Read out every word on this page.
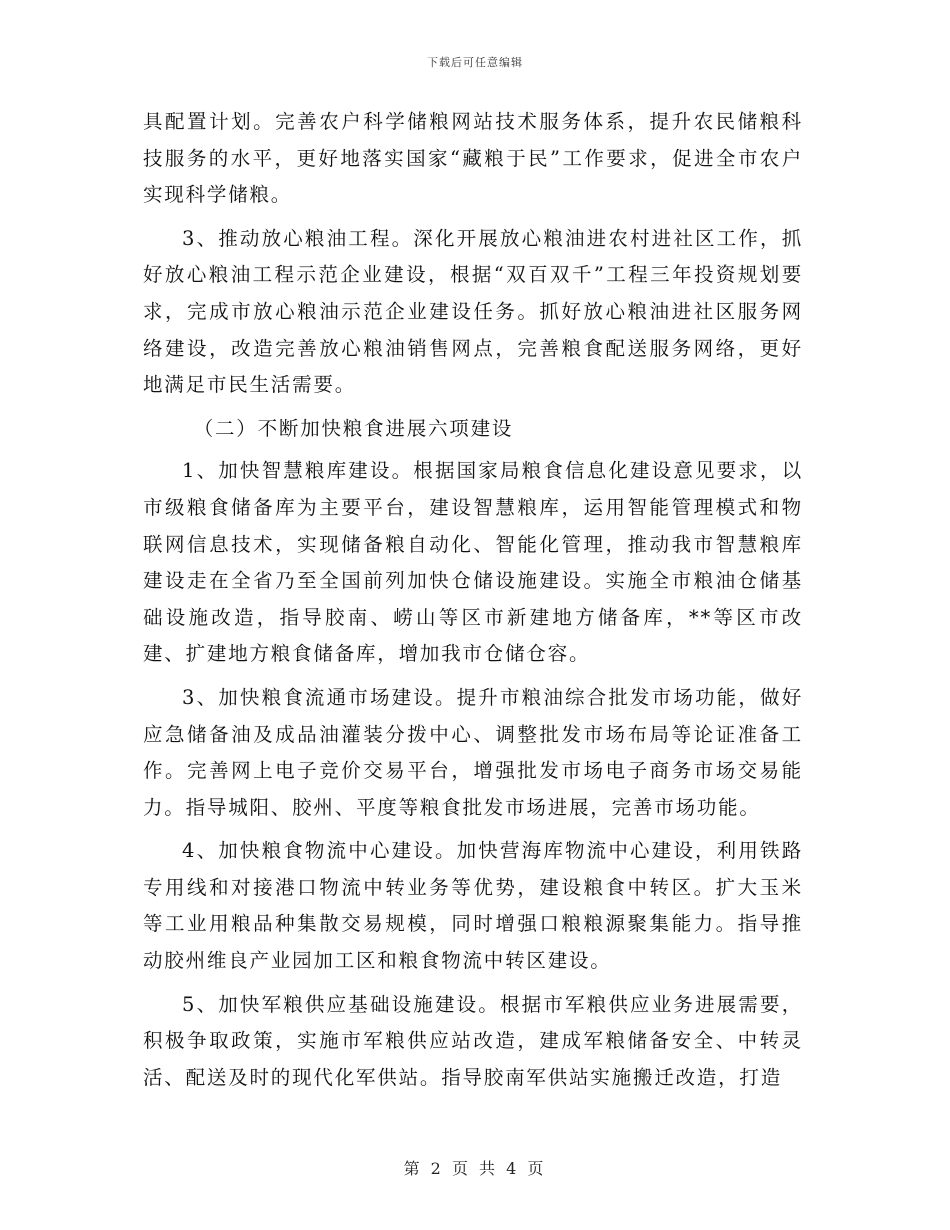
下载后可任意编辑

具配置计划。完善农户科学储粮网站技术服务体系，提升农民储粮科技服务的水平，更好地落实国家“藏粮于民”工作要求，促进全市农户实现科学储粮。

3、推动放心粮油工程。深化开展放心粮油进农村进社区工作，抓好放心粮油工程示范企业建设，根据“双百双千”工程三年投资规划要求，完成市放心粮油示范企业建设任务。抓好放心粮油进社区服务网络建设，改造完善放心粮油销售网点，完善粮食配送服务网络，更好地满足市民生活需要。

（二）不断加快粮食进展六项建设

1、加快智慧粮库建设。根据国家局粮食信息化建设意见要求，以市级粮食储备库为主要平台，建设智慧粮库，运用智能管理模式和物联网信息技术，实现储备粮自动化、智能化管理，推动我市智慧粮库建设走在全省乃至全国前列加快仓储设施建设。实施全市粮油仓储基础设施改造，指导胶南、崂山等区市新建地方储备库，**等区市改建、扩建地方粮食储备库，增加我市仓储仓容。

3、加快粮食流通市场建设。提升市粮油综合批发市场功能，做好应急储备油及成品油灌装分拨中心、调整批发市场布局等论证准备工作。完善网上电子竞价交易平台，增强批发市场电子商务市场交易能力。指导城阳、胶州、平度等粮食批发市场进展，完善市场功能。

4、加快粮食物流中心建设。加快营海库物流中心建设，利用铁路专用线和对接港口物流中转业务等优势，建设粮食中转区。扩大玉米等工业用粮品种集散交易规模，同时增强口粮粮源聚集能力。指导推动胶州维良产业园加工区和粮食物流中转区建设。

5、加快军粮供应基础设施建设。根据市军粮供应业务进展需要，积极争取政策，实施市军粮供应站改造，建成军粮储备安全、中转灵活、配送及时的现代化军供站。指导胶南军供站实施搬迁改造，打造

第 2 页 共 4 页
